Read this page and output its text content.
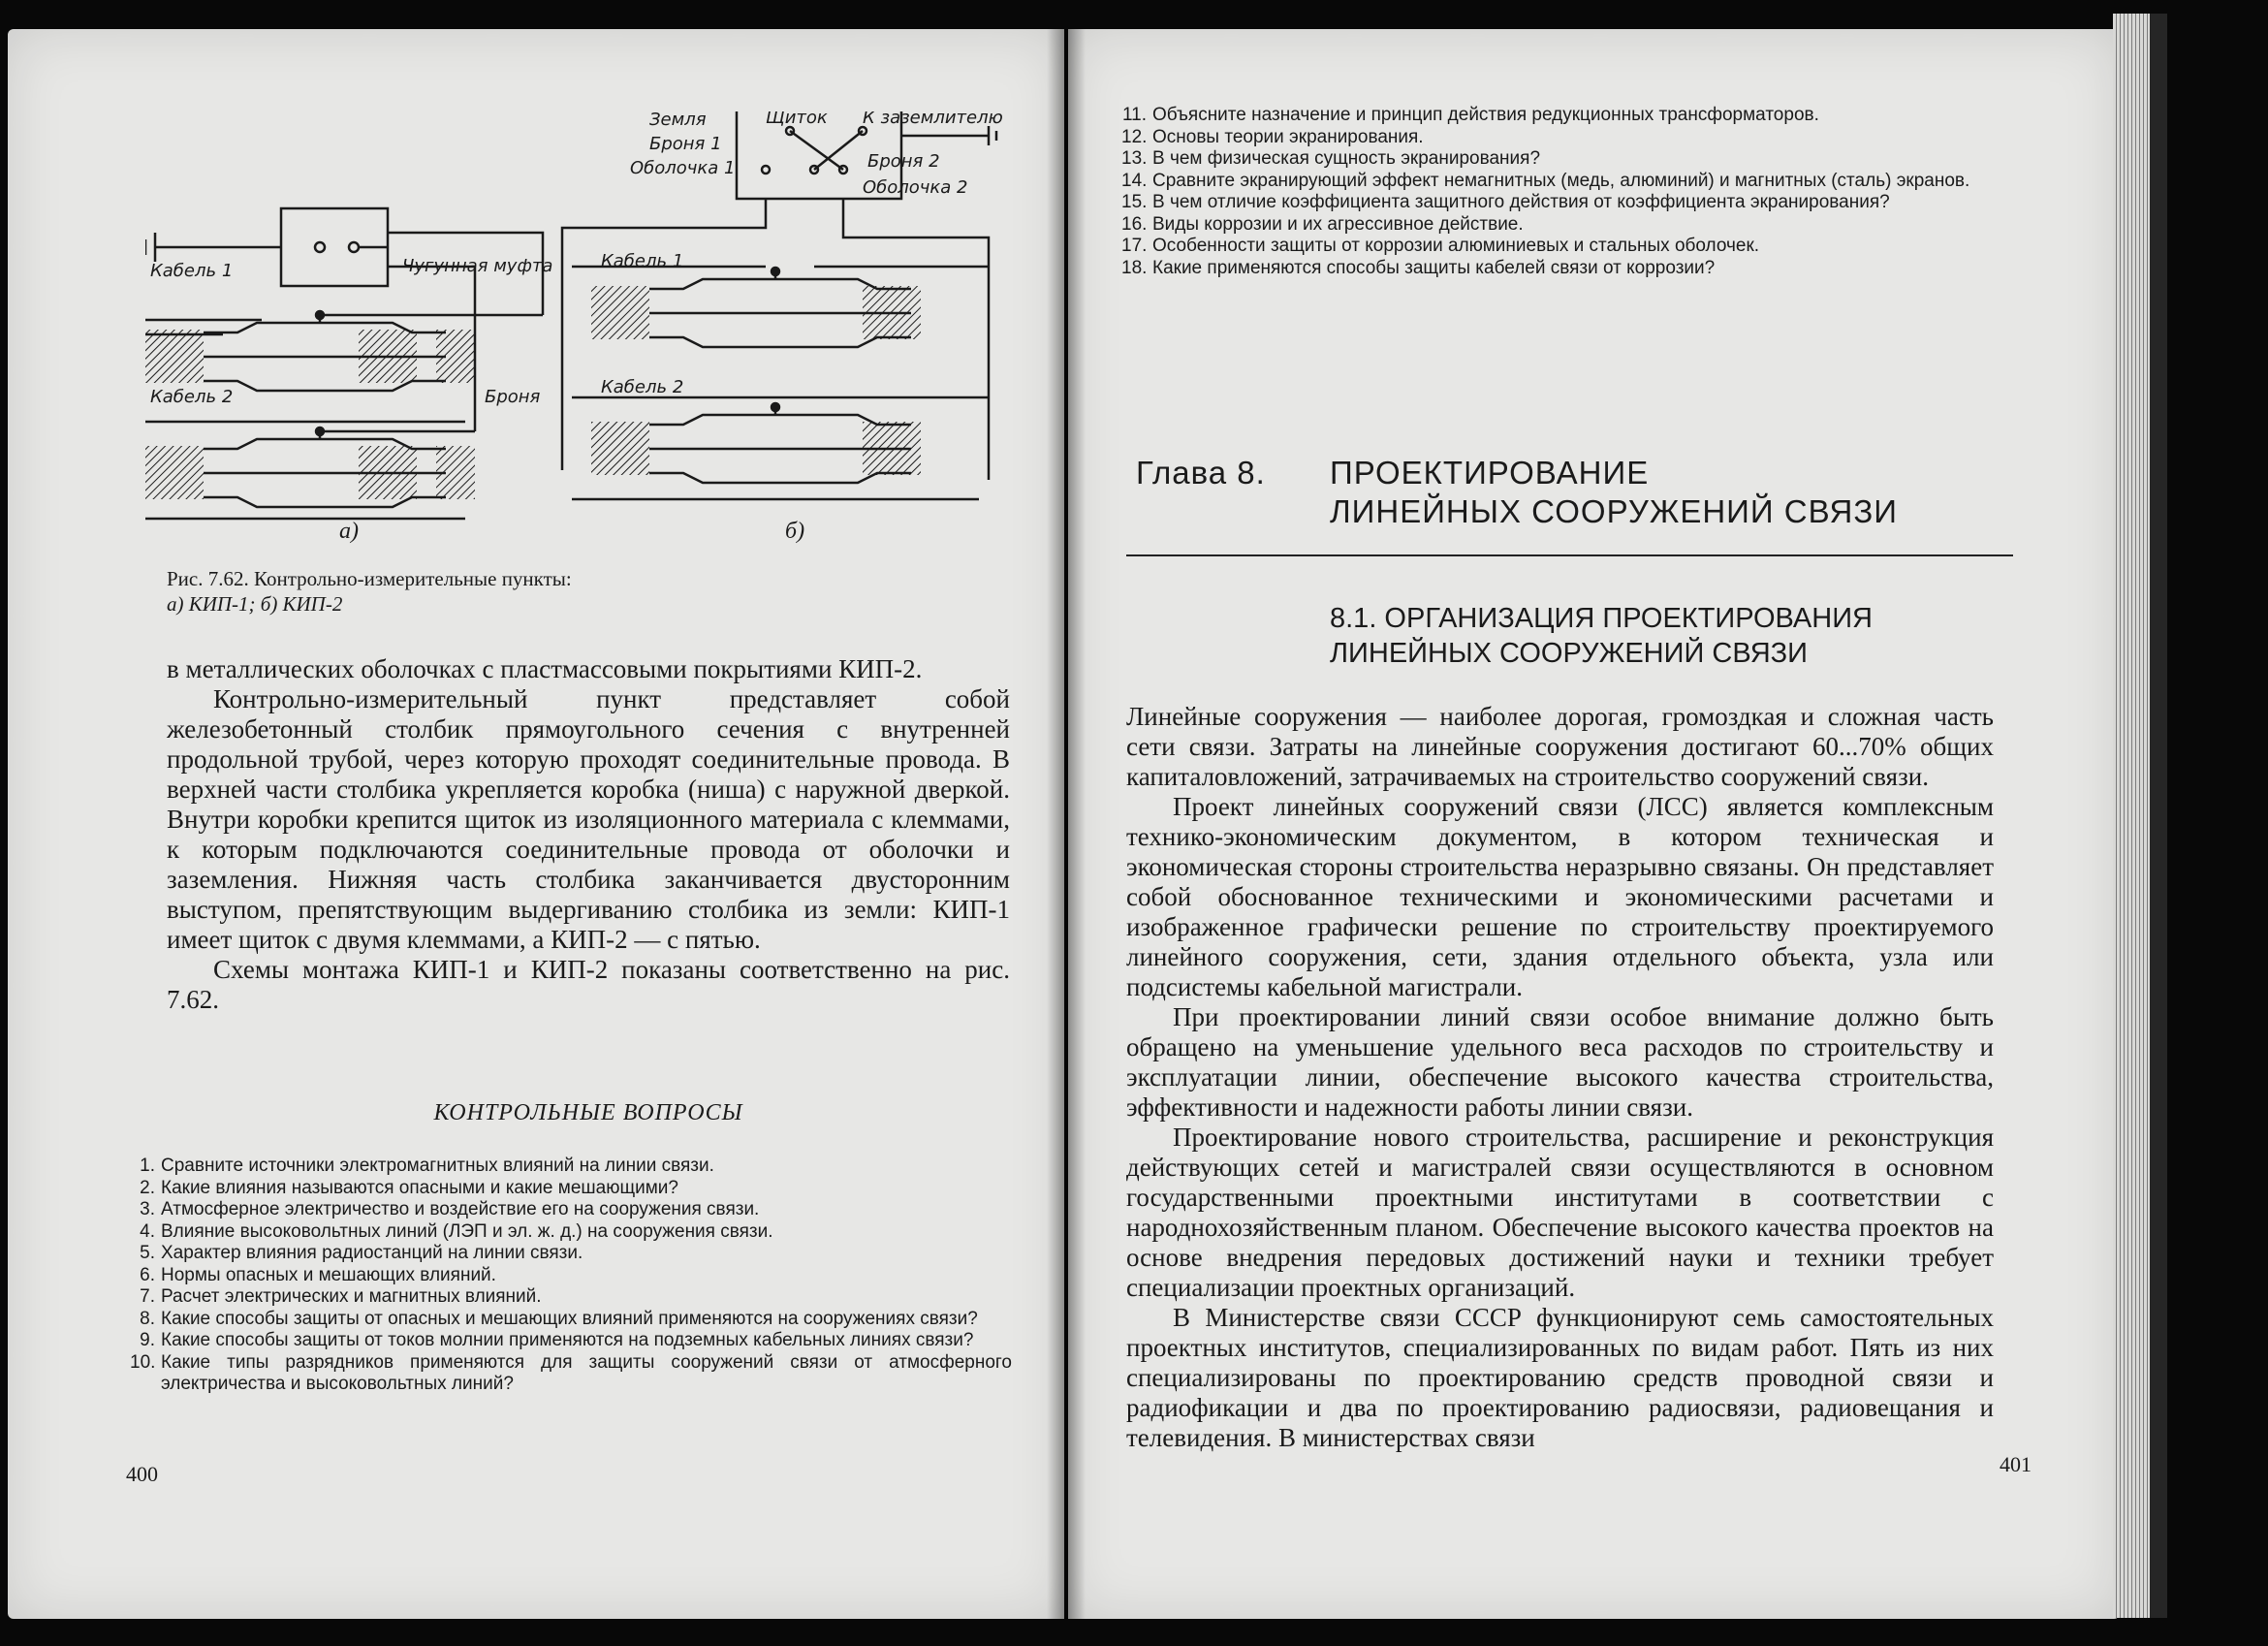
Земля
Броня 1
Оболочка 1
Щиток К заземлителю
Броня 2
Оболочка 2
Кабель 1	Чугунная муфта
Кабель 2	Броня
Кабель 1
Кабель 2
а)	б)
Рис. 7.62. Контрольно-измерительные пункты:
а) КИП-1; б) КИП-2

в металлических оболочках с пластмассовыми покрытиями КИП-2.

Контрольно-измерительный пункт представляет собой железобетонный столбик прямоугольного сечения с внутренней продольной трубой, через которую проходят соединительные провода. В верхней части столбика укрепляется коробка (ниша) с наружной дверкой. Внутри коробки крепится щиток из изоляционного материала с клеммами, к которым подключаются соединительные провода от оболочки и заземления. Нижняя часть столбика заканчивается двусторонним выступом, препятствующим выдергиванию столбика из земли: КИП-1 имеет щиток с двумя клеммами, а КИП-2 — с пятью.

Схемы монтажа КИП-1 и КИП-2 показаны соответственно на рис. 7.62.

КОНТРОЛЬНЫЕ ВОПРОСЫ
1. Сравните источники электромагнитных влияний на линии связи.
2. Какие влияния называются опасными и какие мешающими?
3. Атмосферное электричество и воздействие его на сооружения связи.
4. Влияние высоковольтных линий (ЛЭП и эл. ж. д.) на сооружения связи.
5. Характер влияния радиостанций на линии связи.
6. Нормы опасных и мешающих влияний.
7. Расчет электрических и магнитных влияний.
8. Какие способы защиты от опасных и мешающих влияний применяются на сооружениях связи?
9. Какие способы защиты от токов молнии применяются на подземных кабельных линиях связи?
10. Какие типы разрядников применяются для защиты сооружений связи от атмосферного электричества и высоковольтных линий?
400
11. Объясните назначение и принцип действия редукционных трансформаторов.
12. Основы теории экранирования.
13. В чем физическая сущность экранирования?
14. Сравните экранирующий эффект немагнитных (медь, алюминий) и магнитных (сталь) экранов.
15. В чем отличие коэффициента защитного действия от коэффициента экранирования?
16. Виды коррозии и их агрессивное действие.
17. Особенности защиты от коррозии алюминиевых и стальных оболочек.
18. Какие применяются способы защиты кабелей связи от коррозии?
Глава 8. ПРОЕКТИРОВАНИЕ
ЛИНЕЙНЫХ СООРУЖЕНИЙ СВЯЗИ
8.1. ОРГАНИЗАЦИЯ ПРОЕКТИРОВАНИЯ
ЛИНЕЙНЫХ СООРУЖЕНИЙ СВЯЗИ

Линейные сооружения — наиболее дорогая, громоздкая и сложная часть сети связи. Затраты на линейные сооружения достигают 60...70% общих капиталовложений, затрачиваемых на строительство сооружений связи.

Проект линейных сооружений связи (ЛСС) является комплексным технико-экономическим документом, в котором техническая и экономическая стороны строительства неразрывно связаны. Он представляет собой обоснованное техническими и экономическими расчетами и изображенное графически решение по строительству проектируемого линейного сооружения, сети, здания отдельного объекта, узла или подсистемы кабельной магистрали.

При проектировании линий связи особое внимание должно быть обращено на уменьшение удельного веса расходов по строительству и эксплуатации линии, обеспечение высокого качества строительства, эффективности и надежности работы линии связи.

Проектирование нового строительства, расширение и реконструкция действующих сетей и магистралей связи осуществляются в основном государственными проектными институтами в соответствии с народнохозяйственным планом. Обеспечение высокого качества проектов на основе внедрения передовых достижений науки и техники требует специализации проектных организаций.

В Министерстве связи СССР функционируют семь самостоятельных проектных институтов, специализированных по видам работ. Пять из них специализированы по проектированию средств проводной связи и радиофикации и два по проектированию радиосвязи, радиовещания и телевидения. В министерствах связи

401
